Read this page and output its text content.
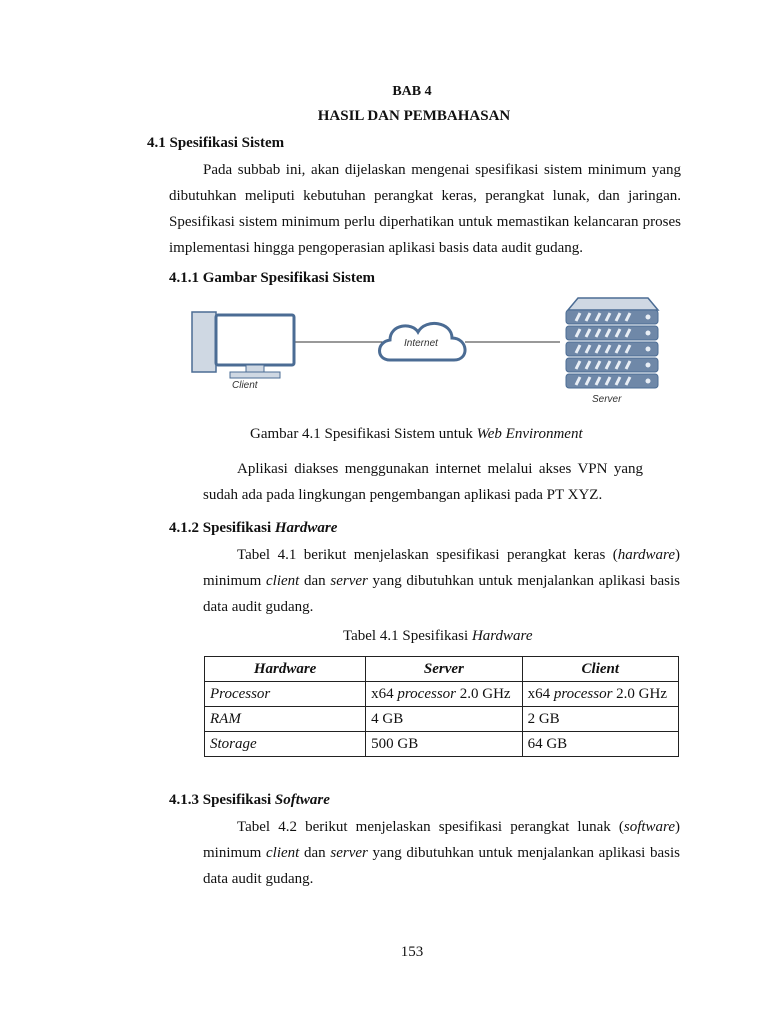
BAB 4
HASIL DAN PEMBAHASAN
4.1 Spesifikasi Sistem
Pada subbab ini, akan dijelaskan mengenai spesifikasi sistem minimum yang dibutuhkan meliputi kebutuhan perangkat keras, perangkat lunak, dan jaringan. Spesifikasi sistem minimum perlu diperhatikan untuk memastikan kelancaran proses implementasi hingga pengoperasian aplikasi basis data audit gudang.
4.1.1 Gambar Spesifikasi Sistem
Client
Internet
Server
Gambar 4.1 Spesifikasi Sistem untuk Web Environment
Aplikasi diakses menggunakan internet melalui akses VPN yang sudah ada pada lingkungan pengembangan aplikasi pada PT XYZ.
4.1.2 Spesifikasi Hardware
Tabel 4.1 berikut menjelaskan spesifikasi perangkat keras (hardware) minimum client dan server yang dibutuhkan untuk menjalankan aplikasi basis data audit gudang.
Tabel 4.1 Spesifikasi Hardware
Hardware	Server	Client
Processor	x64 processor 2.0 GHz	x64 processor 2.0 GHz
RAM	4 GB	2 GB
Storage	500 GB	64 GB
4.1.3 Spesifikasi Software
Tabel 4.2 berikut menjelaskan spesifikasi perangkat lunak (software) minimum client dan server yang dibutuhkan untuk menjalankan aplikasi basis data audit gudang.
153
